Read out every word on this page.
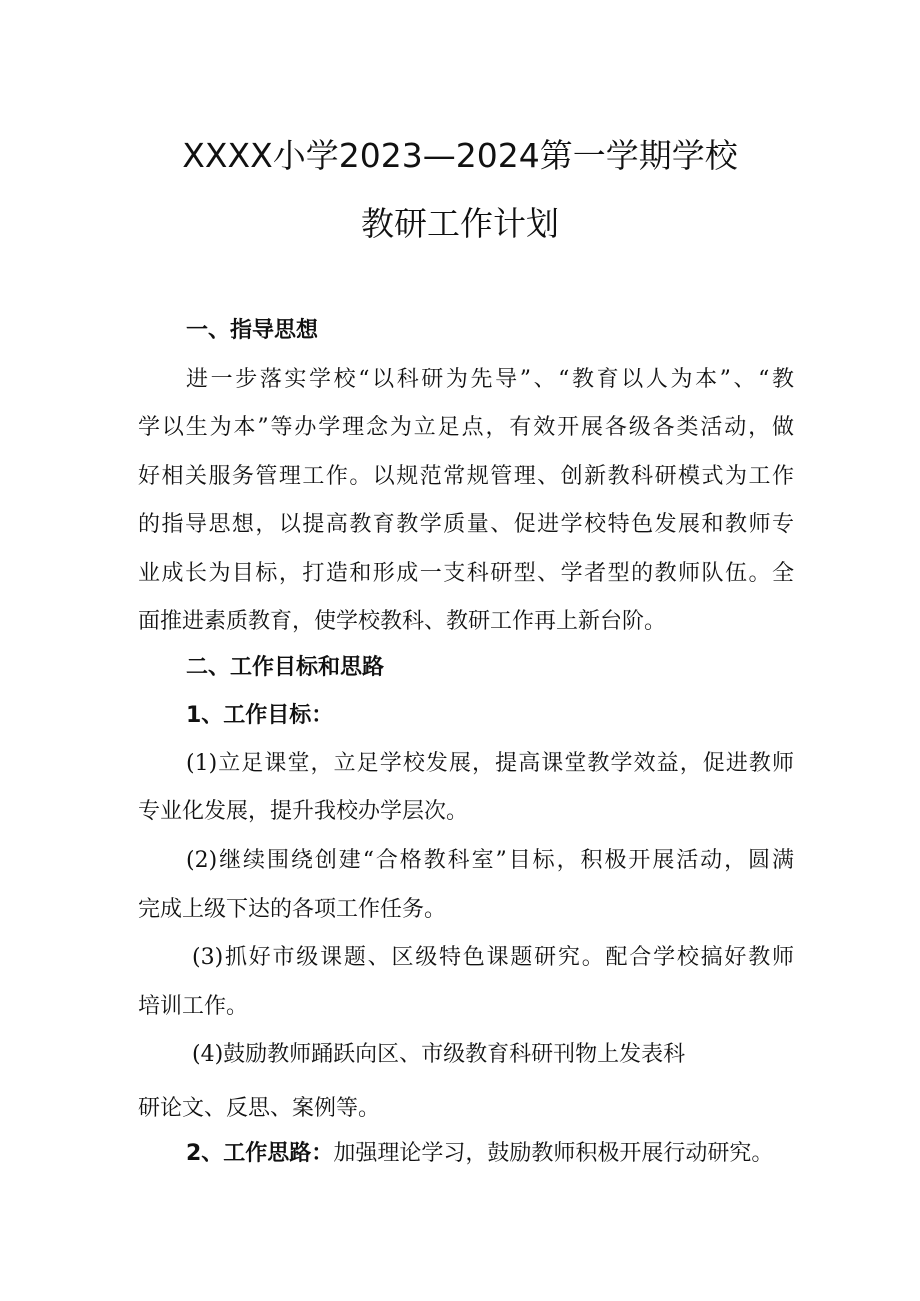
XXXX小学2023—2024第一学期学校
教研工作计划

一、指导思想

进一步落实学校“以科研为先导”、“教育以人为本”、“教

学以生为本”等办学理念为立足点，有效开展各级各类活动，做

好相关服务管理工作。以规范常规管理、创新教科研模式为工作

的指导思想，以提高教育教学质量、促进学校特色发展和教师专

业成长为目标，打造和形成一支科研型、学者型的教师队伍。全

面推进素质教育，使学校教科、教研工作再上新台阶。

二、工作目标和思路

1、工作目标：

(1)立足课堂，立足学校发展，提高课堂教学效益，促进教师

专业化发展，提升我校办学层次。

(2)继续围绕创建“合格教科室”目标，积极开展活动，圆满

完成上级下达的各项工作任务。

(3)抓好市级课题、区级特色课题研究。配合学校搞好教师

培训工作。

(4)鼓励教师踊跃向区、市级教育科研刊物上发表科

研论文、反思、案例等。

2、工作思路：加强理论学习，鼓励教师积极开展行动研究。
